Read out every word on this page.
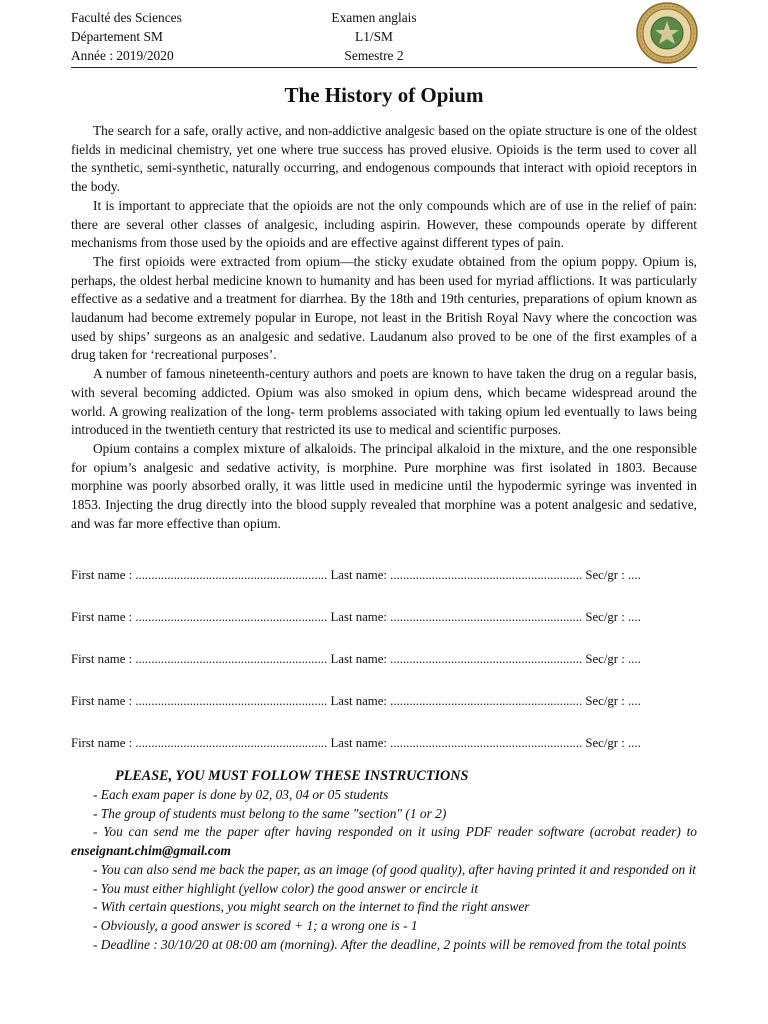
Faculté des Sciences
Département SM
Année : 2019/2020
Examen anglais
L1/SM
Semestre 2
The History of Opium

The search for a safe, orally active, and non-addictive analgesic based on the opiate structure is one of the oldest fields in medicinal chemistry, yet one where true success has proved elusive. Opioids is the term used to cover all the synthetic, semi-synthetic, naturally occurring, and endogenous compounds that interact with opioid receptors in the body.

It is important to appreciate that the opioids are not the only compounds which are of use in the relief of pain: there are several other classes of analgesic, including aspirin. However, these compounds operate by different mechanisms from those used by the opioids and are effective against different types of pain.

The first opioids were extracted from opium—the sticky exudate obtained from the opium poppy. Opium is, perhaps, the oldest herbal medicine known to humanity and has been used for myriad afflictions. It was particularly effective as a sedative and a treatment for diarrhea. By the 18th and 19th centuries, preparations of opium known as laudanum had become extremely popular in Europe, not least in the British Royal Navy where the concoction was used by ships’ surgeons as an analgesic and sedative. Laudanum also proved to be one of the first examples of a drug taken for ‘recreational purposes’.

A number of famous nineteenth-century authors and poets are known to have taken the drug on a regular basis, with several becoming addicted. Opium was also smoked in opium dens, which became widespread around the world. A growing realization of the long- term problems associated with taking opium led eventually to laws being introduced in the twentieth century that restricted its use to medical and scientific purposes.

Opium contains a complex mixture of alkaloids. The principal alkaloid in the mixture, and the one responsible for opium’s analgesic and sedative activity, is morphine. Pure morphine was first isolated in 1803. Because morphine was poorly absorbed orally, it was little used in medicine until the hypodermic syringe was invented in 1853. Injecting the drug directly into the blood supply revealed that morphine was a potent analgesic and sedative, and was far more effective than opium.

First name : ............................................................ Last name: ............................................................ Sec/gr : ....
First name : ............................................................ Last name: ............................................................ Sec/gr : ....
First name : ............................................................ Last name: ............................................................ Sec/gr : ....
First name : ............................................................ Last name: ............................................................ Sec/gr : ....
First name : ............................................................ Last name: ............................................................ Sec/gr : ....

PLEASE, YOU MUST FOLLOW THESE INSTRUCTIONS

- Each exam paper is done by 02, 03, 04 or 05 students

- The group of students must belong to the same "section" (1 or 2)

- You can send me the paper after having responded on it using PDF reader software (acrobat reader) to enseignant.chim@gmail.com

- You can also send me back the paper, as an image (of good quality), after having printed it and responded on it

- You must either highlight (yellow color) the good answer or encircle it

- With certain questions, you might search on the internet to find the right answer

- Obviously, a good answer is scored + 1; a wrong one is - 1

- Deadline : 30/10/20 at 08:00 am (morning). After the deadline, 2 points will be removed from the total points
